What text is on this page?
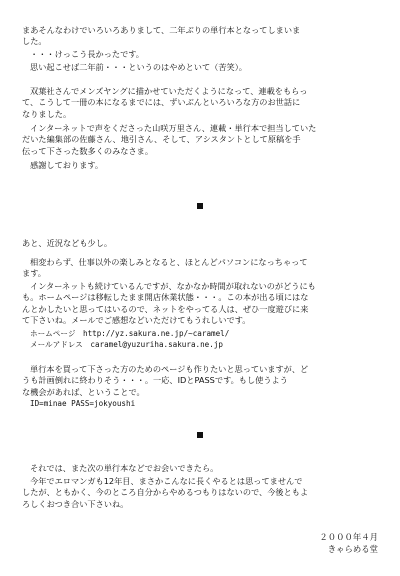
まあそんなわけでいろいろありまして、二年ぶりの単行本となってしまいま
した。

・・・けっこう長かったです。

思い起こせば二年前・・・というのはやめといて（苦笑）。

双葉社さんでメンズヤングに描かせていただくようになって、連載をもらっ
て、こうして一冊の本になるまでには、ずいぶんといろいろな方のお世話に
なりました。

インターネットで声をくださった山咲万里さん、連載・単行本で担当していた
だいた編集部の佐藤さん、地引さん、そして、アシスタントとして原稿を手
伝って下さった数多くのみなさま。

感謝しております。

あと、近況なども少し。

相変わらず、仕事以外の楽しみとなると、ほとんどパソコンになっちゃって
ます。

インターネットも続けているんですが、なかなか時間が取れないのがどうにも
も。ホームページは移転したまま開店休業状態・・・。この本が出る頃にはな
んとかしたいと思ってはいるので、ネットをやってる人は、ぜひ一度遊びに来
て下さいね。メールでご感想などいただけてもうれしいです。

ホームページ　http://yz.sakura.ne.jp/~caramel/
メールアドレス　caramel@yuzuriha.sakura.ne.jp

単行本を買って下さった方のためのページも作りたいと思っていますが、ど
うも計画倒れに終わりそう・・・。一応、IDとPASSです。もし使うよう
な機会があれば、ということで。
ID=minae PASS=jokyoushi

それでは、また次の単行本などでお会いできたら。

今年でエロマンガも12年目、まさかこんなに長くやるとは思ってませんで
したが、ともかく、今のところ自分からやめるつもりはないので、今後ともよ
ろしくおつき合い下さいね。

２０００年４月
きゃらめる堂
